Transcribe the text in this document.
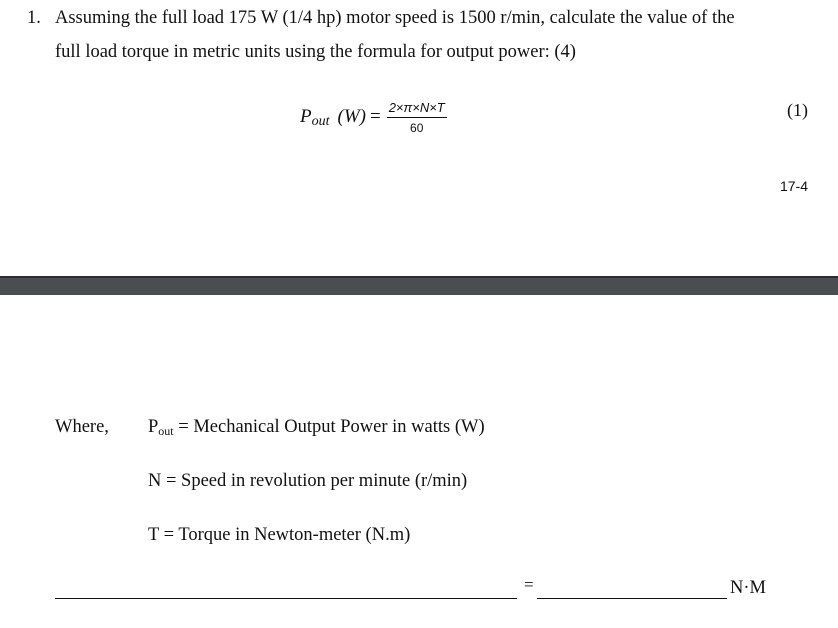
1. Assuming the full load 175 W (1/4 hp) motor speed is 1500 r/min, calculate the value of the
full load torque in metric units using the formula for output power: (4)
P out $(W) = \frac{2\times\pi\times N\times T}{60}$	(1)
17-4
Where, Pout = Mechanical Output Power in watts (W)
N = Speed in revolution per minute (r/min)
T = Torque in Newton-meter (N.m)
=	N·M
